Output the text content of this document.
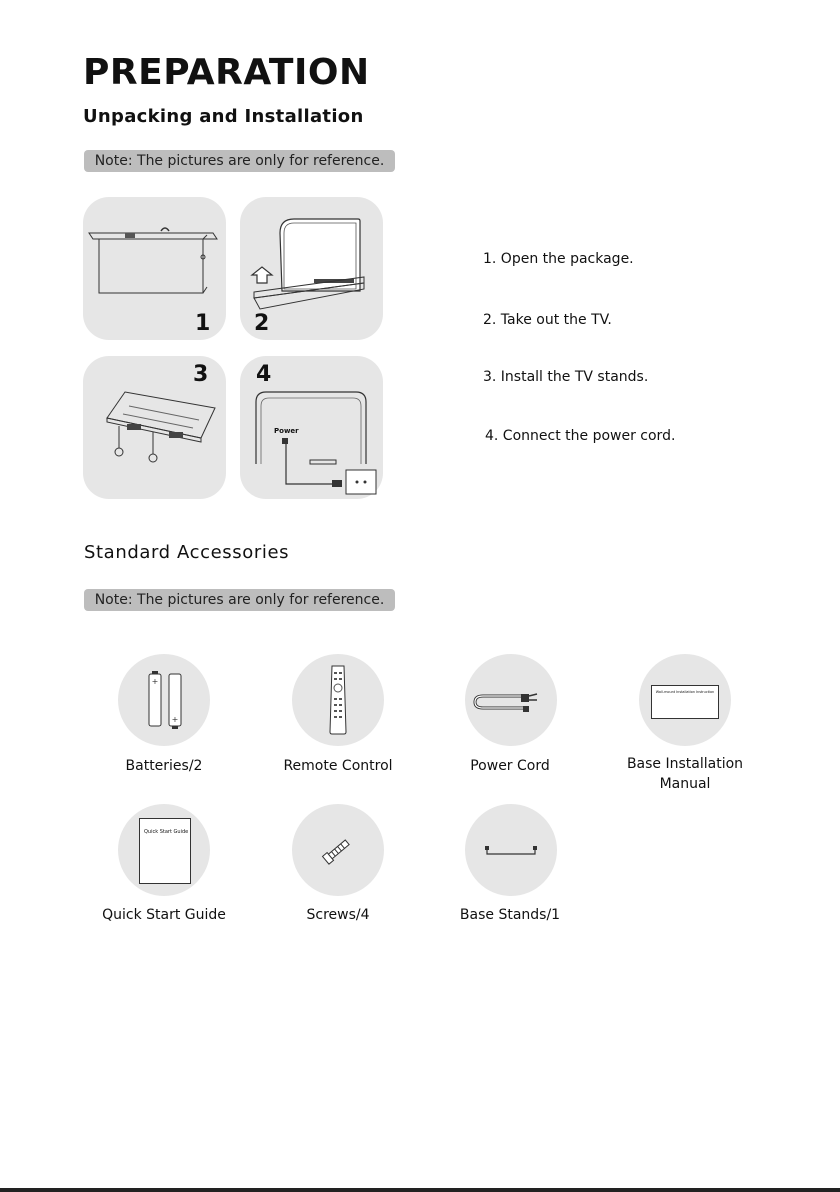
PREPARATION
Unpacking and Installation
Note: The pictures are only for reference.
1 2
3
Power
4
1. Open the package.
2. Take out the TV.
3. Install the TV stands.
4. Connect the power cord.
Standard Accessories
Note: The pictures are only for reference.
+
+
Batteries/2	Remote Control	Power Cord
Wall-mount Installation Instruction
Base Installation
Manual
Quick Start Guide
Quick Start Guide	Screws/4	Base Stands/1
